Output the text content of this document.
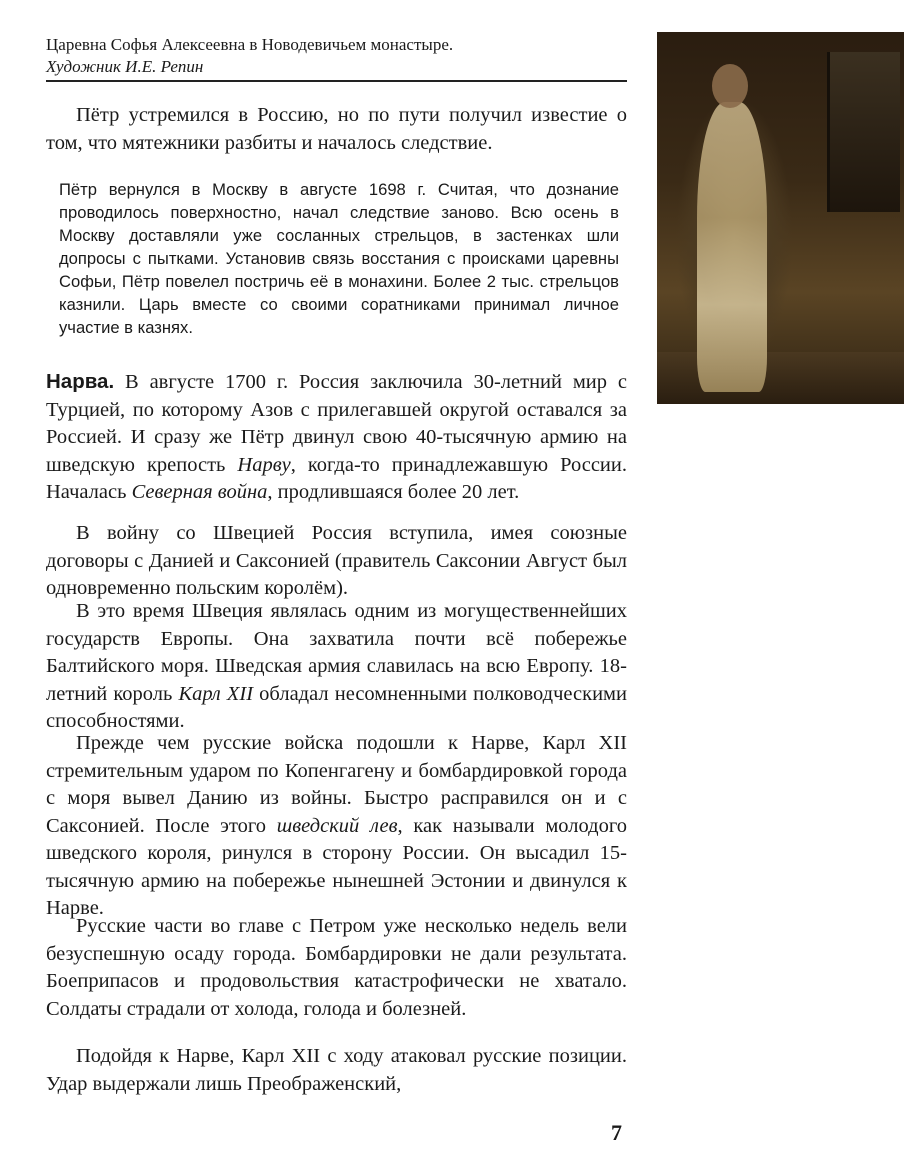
Царевна Софья Алексеевна в Новодевичьем монастыре.
Художник И.Е. Репин

Пётр устремился в Россию, но по пути получил известие о том, что мятежники разбиты и началось следствие.

Пётр вернулся в Москву в августе 1698 г. Считая, что дознание проводилось поверхностно, начал следствие заново. Всю осень в Москву доставляли уже сосланных стрельцов, в застенках шли допросы с пытками. Установив связь восстания с происками царевны Софьи, Пётр повелел постричь её в монахини. Более 2 тыс. стрельцов казнили. Царь вместе со своими соратниками принимал личное участие в казнях.

Нарва. В августе 1700 г. Россия заключила 30-летний мир с Турцией, по которому Азов с прилегавшей округой оставался за Россией. И сразу же Пётр двинул свою 40-тысячную армию на шведскую крепость Нарву, когда-то принадлежавшую России. Началась Северная война, продлившаяся более 20 лет.

В войну со Швецией Россия вступила, имея союзные договоры с Данией и Саксонией (правитель Саксонии Август был одновременно польским королём).

В это время Швеция являлась одним из могущественнейших государств Европы. Она захватила почти всё побережье Балтийского моря. Шведская армия славилась на всю Европу. 18-летний король Карл XII обладал несомненными полководческими способностями.

Прежде чем русские войска подошли к Нарве, Карл XII стремительным ударом по Копенгагену и бомбардировкой города с моря вывел Данию из войны. Быстро расправился он и с Саксонией. После этого шведский лев, как называли молодого шведского короля, ринулся в сторону России. Он высадил 15-тысячную армию на побережье нынешней Эстонии и двинулся к Нарве.

Русские части во главе с Петром уже несколько недель вели безуспешную осаду города. Бомбардировки не дали результата. Боеприпасов и продовольствия катастрофически не хватало. Солдаты страдали от холода, голода и болезней.

Подойдя к Нарве, Карл XII с ходу атаковал русские позиции. Удар выдержали лишь Преображенский,

7
